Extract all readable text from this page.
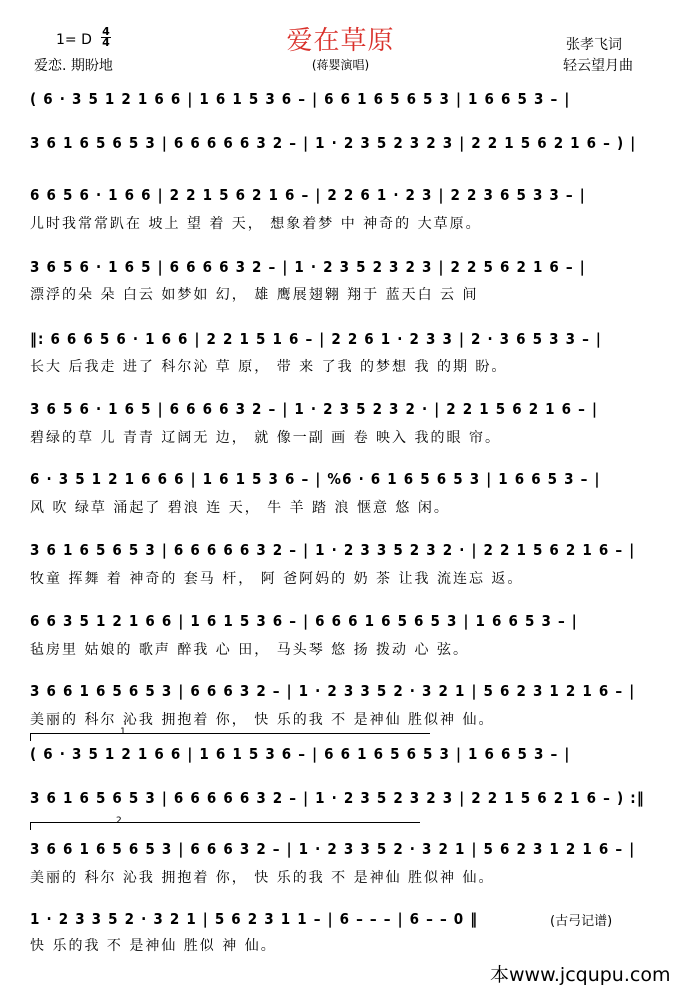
爱在草原
1= D
4
4
爱恋. 期盼地	(蒋婴演唱)
张孝飞词
轻云望月曲
( 6 · 3 5 1 2 1 6 6 | 1 6 1 5 3 6 – | 6 6 1 6 5 6 5 3 | 1 6 6 5 3 – |
3 6 1 6 5 6 5 3 | 6 6 6 6 6 3 2 – | 1 · 2 3 5 2 3 2 3 | 2 2 1 5 6 2 1 6 – ) |
6 6 5 6 · 1 6 6 | 2 2 1 5 6 2 1 6 – | 2 2 6 1 · 2 3 | 2 2 3 6 5 3 3 – |
儿时我常常趴在 坡上 望 着 天， 想象着梦 中 神奇的 大草原。
3 6 5 6 · 1 6 5 | 6 6 6 6 3 2 – | 1 · 2 3 5 2 3 2 3 | 2 2 5 6 2 1 6 – |
漂浮的朵 朵 白云 如梦如 幻， 雄 鹰展翅翱 翔于 蓝天白 云 间
‖: 6 6 6 5 6 · 1 6 6 | 2 2 1 5 1 6 – | 2 2 6 1 · 2 3 3 | 2 · 3 6 5 3 3 – |
长大 后我走 进了 科尔沁 草 原， 带 来 了我 的梦想 我 的期 盼。
3 6 5 6 · 1 6 5 | 6 6 6 6 3 2 – | 1 · 2 3 5 2 3 2 · | 2 2 1 5 6 2 1 6 – |
碧绿的草 儿 青青 辽阔无 边， 就 像一副 画 卷 映入 我的眼 帘。
6 · 3 5 1 2 1 6 6 6 | 1 6 1 5 3 6 – | %6 · 6 1 6 5 6 5 3 | 1 6 6 5 3 – |
风 吹 绿草 涌起了 碧浪 连 天， 牛 羊 踏 浪 惬意 悠 闲。
3 6 1 6 5 6 5 3 | 6 6 6 6 6 3 2 – | 1 · 2 3 3 5 2 3 2 · | 2 2 1 5 6 2 1 6 – |
牧童 挥舞 着 神奇的 套马 杆， 阿 爸阿妈的 奶 茶 让我 流连忘 返。
6 6 3 5 1 2 1 6 6 | 1 6 1 5 3 6 – | 6 6 6 1 6 5 6 5 3 | 1 6 6 5 3 – |
毡房里 姑娘的 歌声 醉我 心 田， 马头琴 悠 扬 拨动 心 弦。
3 6 6 1 6 5 6 5 3 | 6 6 6 3 2 – | 1 · 2 3 3 5 2 · 3 2 1 | 5 6 2 3 1 2 1 6 – |
美丽的 科尔 沁我 拥抱着 你， 快 乐的我 不 是神仙 胜似神 仙。
1
( 6 · 3 5 1 2 1 6 6 | 1 6 1 5 3 6 – | 6 6 1 6 5 6 5 3 | 1 6 6 5 3 – |
3 6 1 6 5 6 5 3 | 6 6 6 6 6 3 2 – | 1 · 2 3 5 2 3 2 3 | 2 2 1 5 6 2 1 6 – ) :‖
2
3 6 6 1 6 5 6 5 3 | 6 6 6 3 2 – | 1 · 2 3 3 5 2 · 3 2 1 | 5 6 2 3 1 2 1 6 – |
美丽的 科尔 沁我 拥抱着 你， 快 乐的我 不 是神仙 胜似神 仙。
1 · 2 3 3 5 2 · 3 2 1 | 5 6 2 3 1 1 – | 6 – – – | 6 – – 0 ‖
快 乐的我 不 是神仙 胜似 神 仙。
(古弓记谱)
本www.jcqupu.com
